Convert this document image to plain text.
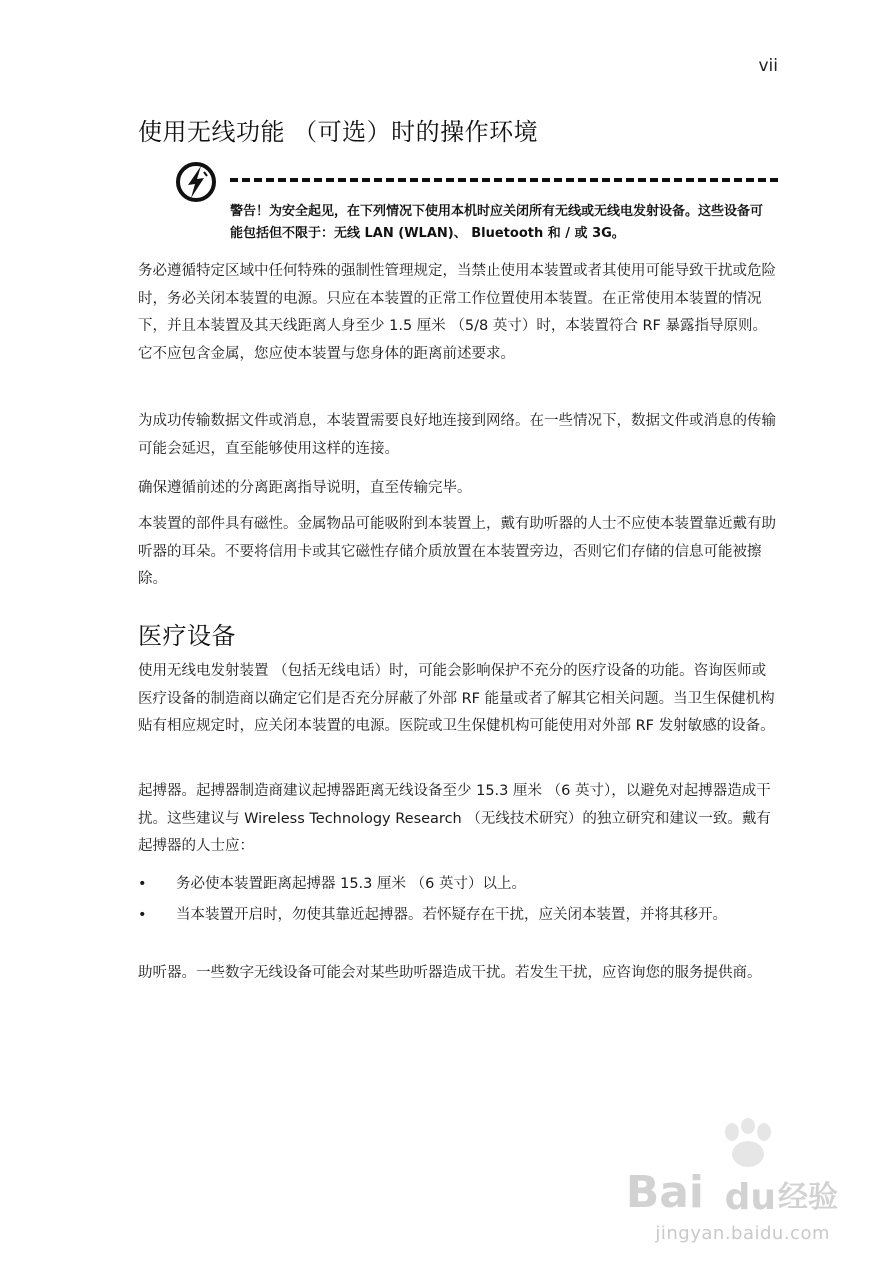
vii
使用无线功能 （可选）时的操作环境
警告！为安全起见，在下列情况下使用本机时应关闭所有无线或无线电发射设备。这些设备可能包括但不限于：无线 LAN (WLAN)、 Bluetooth 和 / 或 3G。

务必遵循特定区域中任何特殊的强制性管理规定，当禁止使用本装置或者其使用可能导致干扰或危险时，务必关闭本装置的电源。只应在本装置的正常工作位置使用本装置。在正常使用本装置的情况下，并且本装置及其天线距离人身至少 1.5 厘米 （5/8 英寸）时，本装置符合 RF 暴露指导原则。它不应包含金属，您应使本装置与您身体的距离前述要求。

为成功传输数据文件或消息，本装置需要良好地连接到网络。在一些情况下，数据文件或消息的传输可能会延迟，直至能够使用这样的连接。

确保遵循前述的分离距离指导说明，直至传输完毕。

本装置的部件具有磁性。金属物品可能吸附到本装置上，戴有助听器的人士不应使本装置靠近戴有助听器的耳朵。不要将信用卡或其它磁性存储介质放置在本装置旁边，否则它们存储的信息可能被擦除。

医疗设备

使用无线电发射装置 （包括无线电话）时，可能会影响保护不充分的医疗设备的功能。咨询医师或医疗设备的制造商以确定它们是否充分屏蔽了外部 RF 能量或者了解其它相关问题。当卫生保健机构贴有相应规定时，应关闭本装置的电源。医院或卫生保健机构可能使用对外部 RF 发射敏感的设备。

起搏器。起搏器制造商建议起搏器距离无线设备至少 15.3 厘米 （6 英寸），以避免对起搏器造成干扰。这些建议与 Wireless Technology Research （无线技术研究）的独立研究和建议一致。戴有起搏器的人士应：

•	务必使本装置距离起搏器 15.3 厘米 （6 英寸）以上。
•	当本装置开启时，勿使其靠近起搏器。若怀疑存在干扰，应关闭本装置，并将其移开。

助听器。一些数字无线设备可能会对某些助听器造成干扰。若发生干扰，应咨询您的服务提供商。

Bai du 经验
jingyan.baidu.com
